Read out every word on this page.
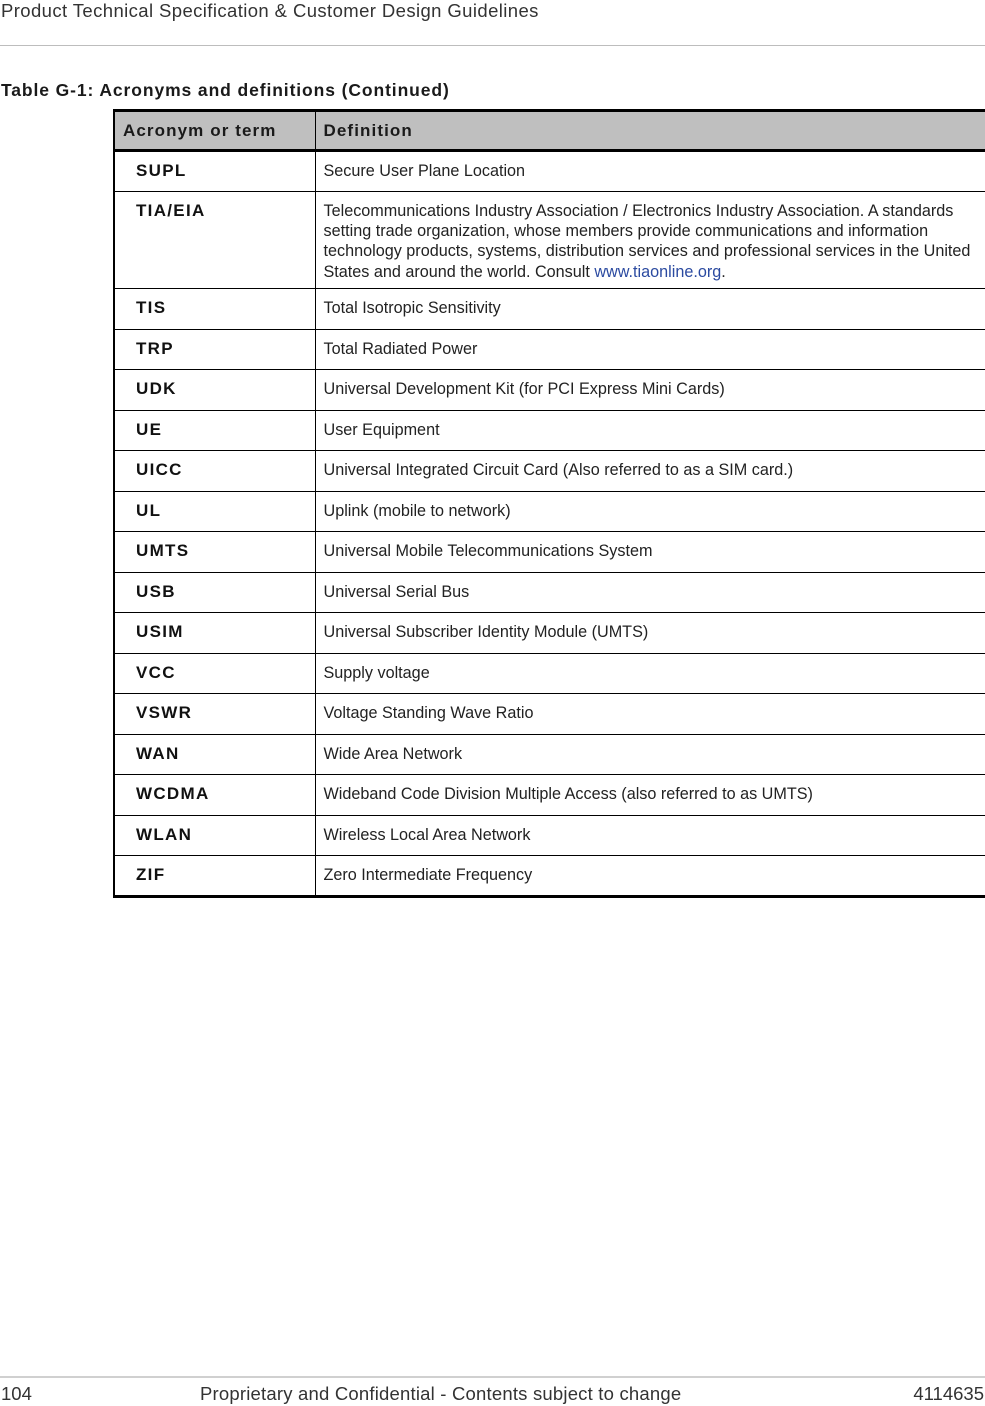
Product Technical Specification & Customer Design Guidelines
Table G-1: Acronyms and definitions (Continued)
Acronym or term	Definition
SUPL	Secure User Plane Location
TIA/EIA	Telecommunications Industry Association / Electronics Industry Association. A standards setting trade organization, whose members provide communications and information technology products, systems, distribution services and professional services in the United States and around the world. Consult www.tiaonline.org.
TIS	Total Isotropic Sensitivity
TRP	Total Radiated Power
UDK	Universal Development Kit (for PCI Express Mini Cards)
UE	User Equipment
UICC	Universal Integrated Circuit Card (Also referred to as a SIM card.)
UL	Uplink (mobile to network)
UMTS	Universal Mobile Telecommunications System
USB	Universal Serial Bus
USIM	Universal Subscriber Identity Module (UMTS)
VCC	Supply voltage
VSWR	Voltage Standing Wave Ratio
WAN	Wide Area Network
WCDMA	Wideband Code Division Multiple Access (also referred to as UMTS)
WLAN	Wireless Local Area Network
ZIF	Zero Intermediate Frequency
104	Proprietary and Confidential - Contents subject to change	4114635
